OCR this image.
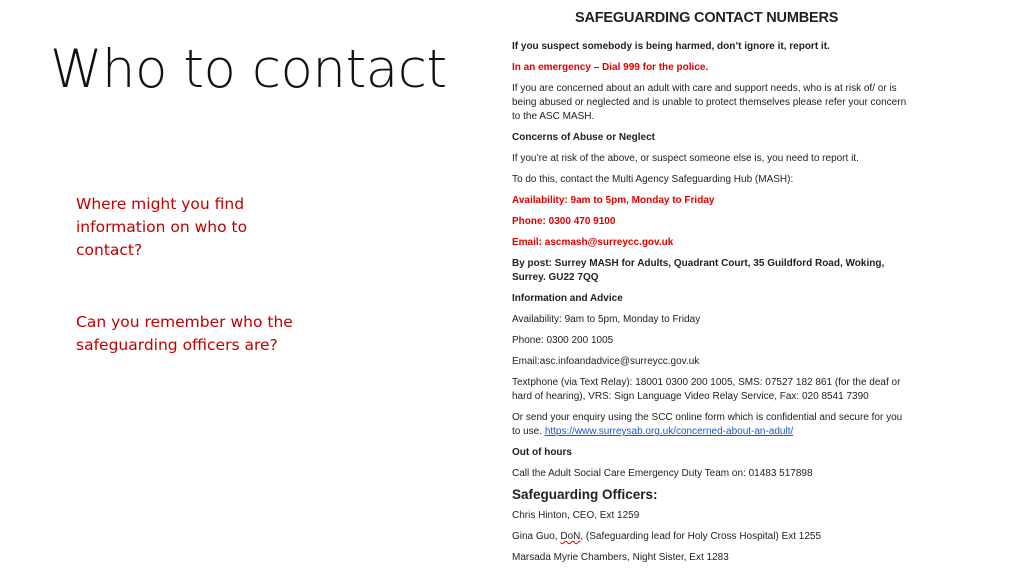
Who to contact

Where might you find information on who to contact?

Can you remember who the safeguarding officers are?

SAFEGUARDING CONTACT NUMBERS

If you suspect somebody is being harmed, don’t ignore it, report it.

In an emergency – Dial 999 for the police.

If you are concerned about an adult with care and support needs, who is at risk of/ or is being abused or neglected and is unable to protect themselves please refer your concern to the ASC MASH.

Concerns of Abuse or Neglect

If you’re at risk of the above, or suspect someone else is, you need to report it.

To do this, contact the Multi Agency Safeguarding Hub (MASH):

Availability: 9am to 5pm, Monday to Friday

Phone: 0300 470 9100

Email: ascmash@surreycc.gov.uk

By post: Surrey MASH for Adults, Quadrant Court, 35 Guildford Road, Woking, Surrey. GU22 7QQ

Information and Advice

Availability: 9am to 5pm, Monday to Friday

Phone: 0300 200 1005

Email:asc.infoandadvice@surreycc.gov.uk

Textphone (via Text Relay): 18001 0300 200 1005, SMS: 07527 182 861 (for the deaf or hard of hearing), VRS: Sign Language Video Relay Service, Fax: 020 8541 7390

Or send your enquiry using the SCC online form which is confidential and secure for you to use. https://www.surreysab.org.uk/concerned-about-an-adult/

Out of hours

Call the Adult Social Care Emergency Duty Team on: 01483 517898

Safeguarding Officers:

Chris Hinton, CEO, Ext 1259

Gina Guo, DoN, (Safeguarding lead for Holy Cross Hospital) Ext 1255

Marsada Myrie Chambers, Night Sister, Ext 1283
